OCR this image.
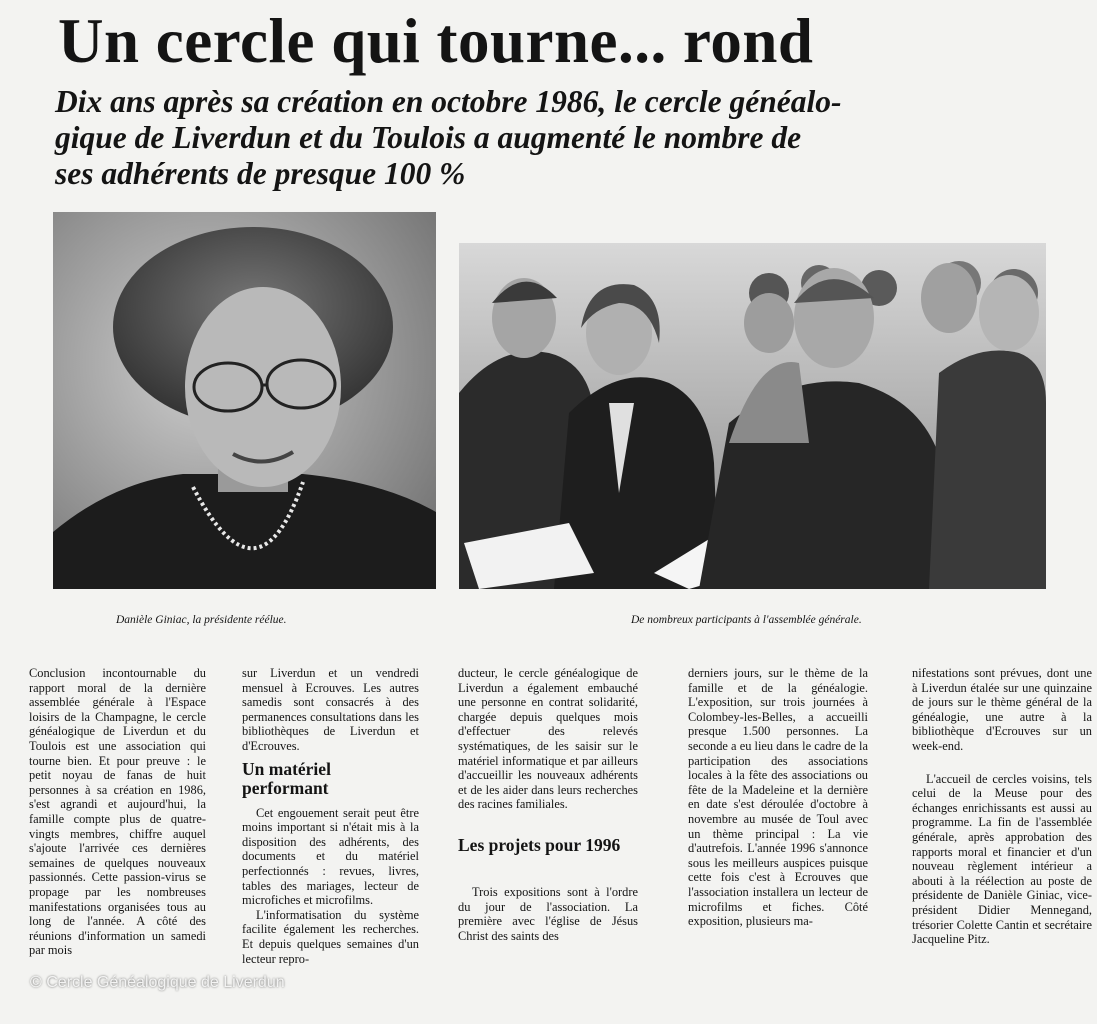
Un cercle qui tourne... rond
Dix ans après sa création en octobre 1986, le cercle généalo-
gique de Liverdun et du Toulois a augmenté le nombre de
ses adhérents de presque 100 %

Danièle Giniac, la présidente réélue.	De nombreux participants à l'assemblée générale.

Conclusion incontournable du rapport moral de la dernière assemblée générale à l'Espace loisirs de la Champagne, le cercle généalogique de Liverdun et du Toulois est une association qui tourne bien. Et pour preuve : le petit noyau de fanas de huit personnes à sa création en 1986, s'est agrandi et aujourd'hui, la famille compte plus de quatre-vingts membres, chiffre auquel s'ajoute l'arrivée ces dernières semaines de quelques nouveaux passionnés. Cette passion-virus se propage par les nombreuses manifestations organisées tous au long de l'année. A côté des réunions d'information un samedi par mois

sur Liverdun et un vendredi mensuel à Ecrouves. Les autres samedis sont consacrés à des permanences consultations dans les bibliothèques de Liverdun et d'Ecrouves.

Un matériel performant

Cet engouement serait peut être moins important si n'était mis à la disposition des adhérents, des documents et du matériel perfectionnés : revues, livres, tables des mariages, lecteur de microfiches et microfilms.

L'informatisation du système facilite également les recherches. Et depuis quelques semaines d'un lecteur repro-

ducteur, le cercle généalogique de Liverdun a également embauché une personne en contrat solidarité, chargée depuis quelques mois d'effectuer des relevés systématiques, de les saisir sur le matériel informatique et par ailleurs d'accueillir les nouveaux adhérents et de les aider dans leurs recherches des racines familiales.

Les projets pour 1996

Trois expositions sont à l'ordre du jour de l'association. La première avec l'église de Jésus Christ des saints des

derniers jours, sur le thème de la famille et de la généalogie. L'exposition, sur trois journées à Colombey-les-Belles, a accueilli presque 1.500 personnes. La seconde a eu lieu dans le cadre de la participation des associations locales à la fête des associations ou fête de la Madeleine et la dernière en date s'est déroulée d'octobre à novembre au musée de Toul avec un thème principal : La vie d'autrefois. L'année 1996 s'annonce sous les meilleurs auspices puisque cette fois c'est à Ecrouves que l'association installera un lecteur de microfilms et fiches. Côté exposition, plusieurs ma-

nifestations sont prévues, dont une à Liverdun étalée sur une quinzaine de jours sur le thème général de la généalogie, une autre à la bibliothèque d'Ecrouves sur un week-end.

L'accueil de cercles voisins, tels celui de la Meuse pour des échanges enrichissants est aussi au programme. La fin de l'assemblée générale, après approbation des rapports moral et financier et d'un nouveau règlement intérieur a abouti à la réélection au poste de présidente de Danièle Giniac, vice-président Didier Mennegand, trésorier Colette Cantin et secrétaire Jacqueline Pitz.

© Cercle Généalogique de Liverdun
